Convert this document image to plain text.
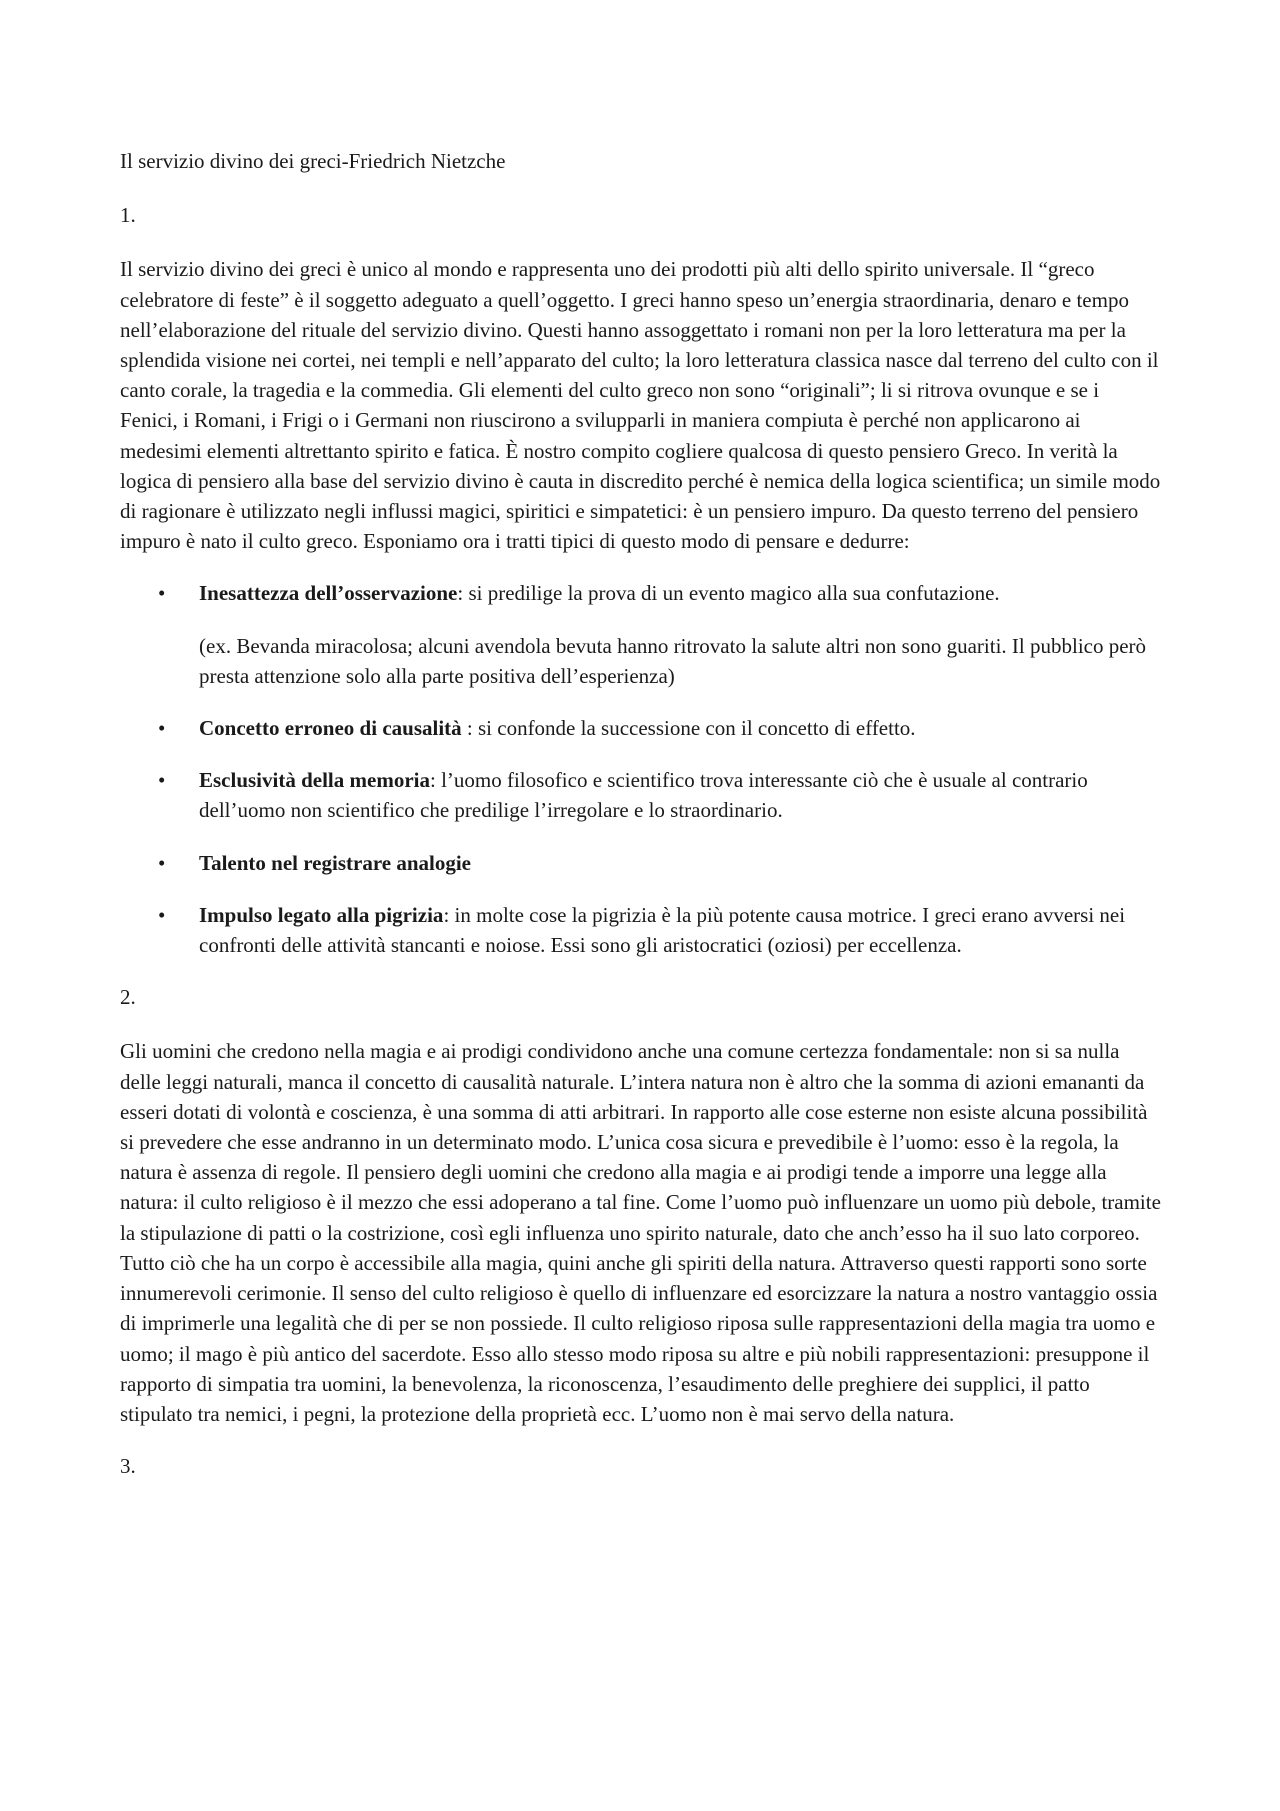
Il servizio divino dei greci-Friedrich Nietzche

1.

Il servizio divino dei greci è unico al mondo e rappresenta uno dei prodotti più alti dello spirito universale. Il “greco celebratore di feste” è il soggetto adeguato a quell’oggetto. I greci hanno speso un’energia straordinaria, denaro e tempo nell’elaborazione del rituale del servizio divino. Questi hanno assoggettato i romani non per la loro letteratura ma per la splendida visione nei cortei, nei templi e nell’apparato del culto; la loro letteratura classica nasce dal terreno del culto con il canto corale, la tragedia e la commedia. Gli elementi del culto greco non sono “originali”; li si ritrova ovunque e se i Fenici, i Romani, i Frigi o i Germani non riuscirono a svilupparli in maniera compiuta è perché non applicarono ai medesimi elementi altrettanto spirito e fatica. È nostro compito cogliere qualcosa di questo pensiero Greco. In verità la logica di pensiero alla base del servizio divino è cauta in discredito perché è nemica della logica scientifica; un simile modo di ragionare è utilizzato negli influssi magici, spiritici e simpatetici: è un pensiero impuro. Da questo terreno del pensiero impuro è nato il culto greco. Esponiamo ora i tratti tipici di questo modo di pensare e dedurre:

• Inesattezza dell’osservazione: si predilige la prova di un evento magico alla sua confutazione.
(ex. Bevanda miracolosa; alcuni avendola bevuta hanno ritrovato la salute altri non sono guariti. Il pubblico però presta attenzione solo alla parte positiva dell’esperienza)
• Concetto erroneo di causalità : si confonde la successione con il concetto di effetto.
• Esclusività della memoria: l’uomo filosofico e scientifico trova interessante ciò che è usuale al contrario dell’uomo non scientifico che predilige l’irregolare e lo straordinario.
• Talento nel registrare analogie
• Impulso legato alla pigrizia: in molte cose la pigrizia è la più potente causa motrice. I greci erano avversi nei confronti delle attività stancanti e noiose. Essi sono gli aristocratici (oziosi) per eccellenza.

2.

Gli uomini che credono nella magia e ai prodigi condividono anche una comune certezza fondamentale: non si sa nulla delle leggi naturali, manca il concetto di causalità naturale. L’intera natura non è altro che la somma di azioni emananti da esseri dotati di volontà e coscienza, è una somma di atti arbitrari. In rapporto alle cose esterne non esiste alcuna possibilità si prevedere che esse andranno in un determinato modo. L’unica cosa sicura e prevedibile è l’uomo: esso è la regola, la natura è assenza di regole. Il pensiero degli uomini che credono alla magia e ai prodigi tende a imporre una legge alla natura: il culto religioso è il mezzo che essi adoperano a tal fine. Come l’uomo può influenzare un uomo più debole, tramite la stipulazione di patti o la costrizione, così egli influenza uno spirito naturale, dato che anch’esso ha il suo lato corporeo. Tutto ciò che ha un corpo è accessibile alla magia, quini anche gli spiriti della natura. Attraverso questi rapporti sono sorte innumerevoli cerimonie. Il senso del culto religioso è quello di influenzare ed esorcizzare la natura a nostro vantaggio ossia di imprimerle una legalità che di per se non possiede. Il culto religioso riposa sulle rappresentazioni della magia tra uomo e uomo; il mago è più antico del sacerdote. Esso allo stesso modo riposa su altre e più nobili rappresentazioni: presuppone il rapporto di simpatia tra uomini, la benevolenza, la riconoscenza, l’esaudimento delle preghiere dei supplici, il patto stipulato tra nemici, i pegni, la protezione della proprietà ecc. L’uomo non è mai servo della natura.

3.
